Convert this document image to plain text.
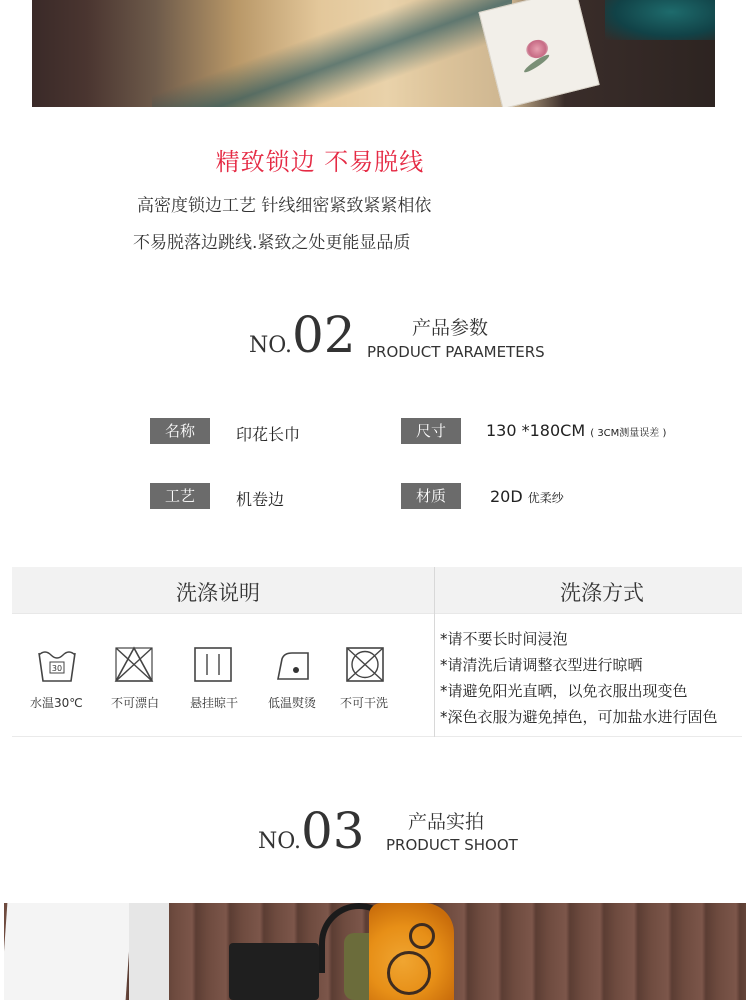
精致锁边 不易脱线
高密度锁边工艺 针线细密紧致紧紧相依
不易脱落边跳线.紧致之处更能显品质
NO.02	产品参数
PRODUCT PARAMETERS
名称	印花长巾	尺寸	130 *180CM ( 3CM测量误差 )
工艺	机卷边	材质	20D 优柔纱
洗涤说明	洗涤方式
30
水温30℃ 不可漂白	悬挂晾干 低温熨烫 不可干洗
*请不要长时间浸泡
*请清洗后请调整衣型进行晾晒
*请避免阳光直晒，以免衣服出现变色
*深色衣服为避免掉色，可加盐水进行固色
NO.03 产品实拍
PRODUCT SHOOT
